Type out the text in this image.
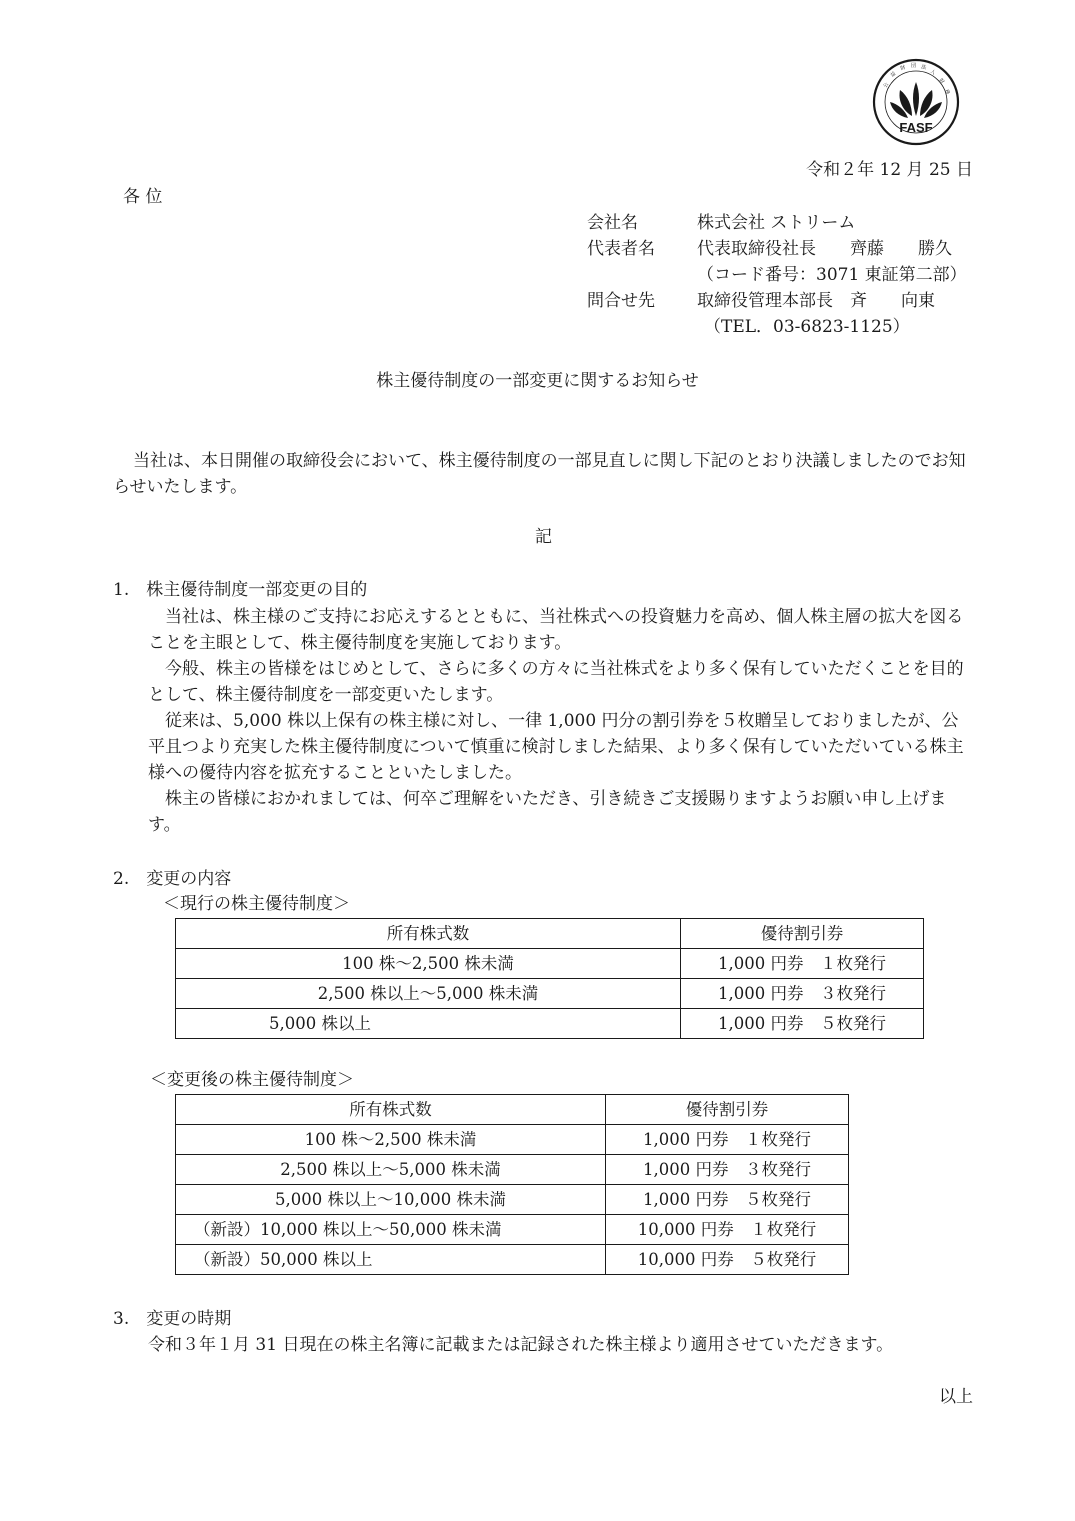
FASF
公
益
財 団 法
人
財
務
令和２年 12 月 25 日
各 位
会社名	株式会社 ストリーム
代表者名 代表取締役社長　　齊藤　　勝久
（コード番号：3071 東証第二部）
問合せ先 取締役管理本部長　斉　　向東
（TEL．03-6823-1125）
株主優待制度の一部変更に関するお知らせ

当社は、本日開催の取締役会において、株主優待制度の一部見直しに関し下記のとおり決議しましたのでお知らせいたします。

記
1.　株主優待制度一部変更の目的

当社は、株主様のご支持にお応えするとともに、当社株式への投資魅力を高め、個人株主層の拡大を図ることを主眼として、株主優待制度を実施しております。

今般、株主の皆様をはじめとして、さらに多くの方々に当社株式をより多く保有していただくことを目的として、株主優待制度を一部変更いたします。

従来は、5,000 株以上保有の株主様に対し、一律 1,000 円分の割引券を５枚贈呈しておりましたが、公平且つより充実した株主優待制度について慎重に検討しました結果、より多く保有していただいている株主様への優待内容を拡充することといたしました。

株主の皆様におかれましては、何卒ご理解をいただき、引き続きご支援賜りますようお願い申し上げます。

2.　変更の内容
＜現行の株主優待制度＞
所有株式数	優待割引券
100 株～2,500 株未満	1,000 円券　１枚発行
2,500 株以上～5,000 株未満	1,000 円券　３枚発行
5,000 株以上	1,000 円券　５枚発行
＜変更後の株主優待制度＞
所有株式数	優待割引券
100 株～2,500 株未満	1,000 円券　１枚発行
2,500 株以上～5,000 株未満	1,000 円券　３枚発行
5,000 株以上～10,000 株未満	1,000 円券　５枚発行
（新設）10,000 株以上～50,000 株未満	10,000 円券　１枚発行
（新設）50,000 株以上	10,000 円券　５枚発行
3.　変更の時期
令和３年１月 31 日現在の株主名簿に記載または記録された株主様より適用させていただきます。
以上
